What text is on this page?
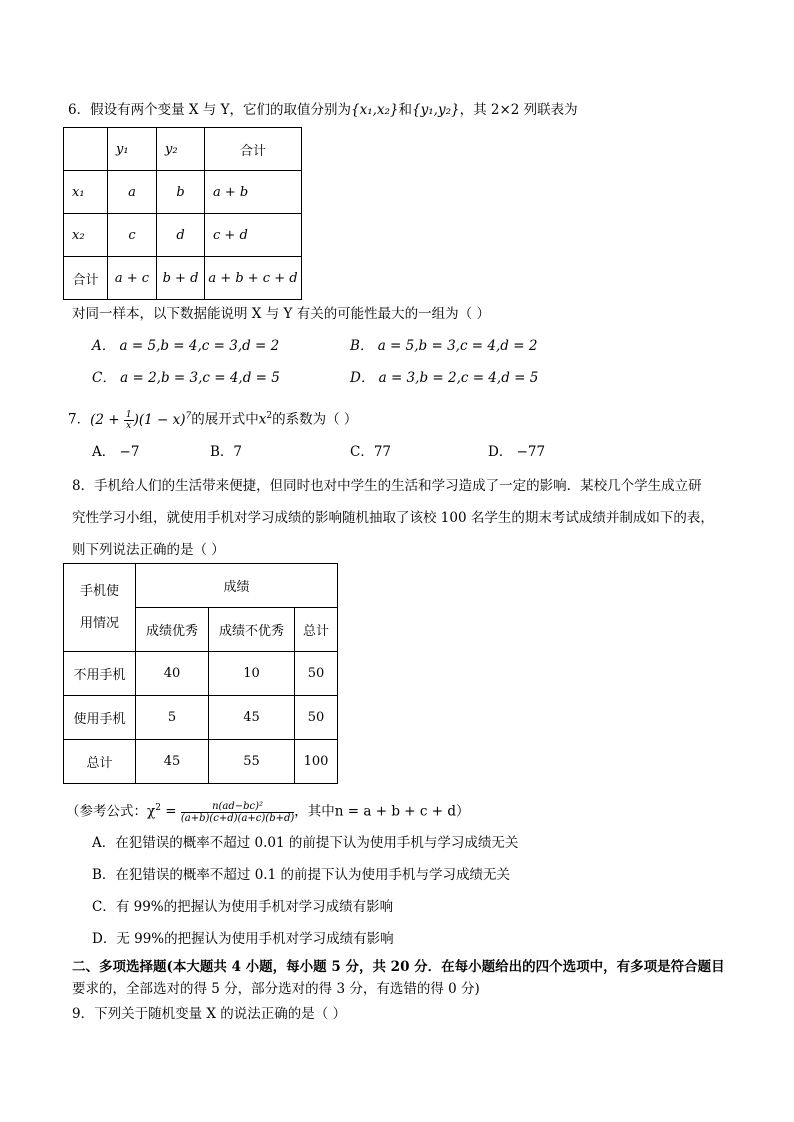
6．假设有两个变量 X 与 Y，它们的取值分别为{x₁,x₂}和{y₁,y₂}，其 2×2 列联表为
	y₁	y₂	合计
x₁	a	b	a + b
x₂	c	d	c + d
合计	a + c	b + d	a + b + c + d
对同一样本，以下数据能说明 X 与 Y 有关的可能性最大的一组为（ ）
A． a = 5,b = 4,c = 3,d = 2	B． a = 5,b = 3,c = 4,d = 2
C． a = 2,b = 3,c = 4,d = 5	D． a = 3,b = 2,c = 4,d = 5
7．$(2 + \frac{1}{x} )(1 - x)^7$的展开式中$x^2$的系数为（ ）
A． −7	B．7	C．77	D． −77
8．手机给人们的生活带来便捷，但同时也对中学生的生活和学习造成了一定的影响．某校几个学生成立研
究性学习小组，就使用手机对学习成绩的影响随机抽取了该校 100 名学生的期末考试成绩并制成如下的表，
则下列说法正确的是（ ）
手机使
用情况	成绩		
	成绩优秀	成绩不优秀	总计
不用手机	40	10	50
使用手机	5	45	50
总计	45	55	100
（参考公式：$\chi^2 = \frac{\text{n(ad−bc)²}}{(a+b)(c+d)(a+c)(b+d)}$ ，其中n = a + b + c + d）
A．在犯错误的概率不超过 0.01 的前提下认为使用手机与学习成绩无关
B．在犯错误的概率不超过 0.1 的前提下认为使用手机与学习成绩无关
C．有 99%的把握认为使用手机对学习成绩有影响
D．无 99%的把握认为使用手机对学习成绩有影响
二、多项选择题(本大题共 4 小题，每小题 5 分，共 20 分．在每小题给出的四个选项中，有多项是符合题目
要求的，全部选对的得 5 分，部分选对的得 3 分，有选错的得 0 分)
9．下列关于随机变量 X 的说法正确的是（ ）
